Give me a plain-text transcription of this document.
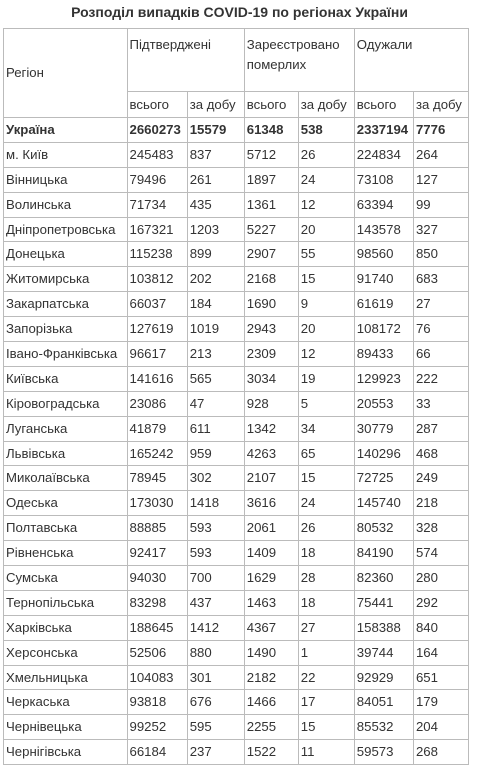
Розподіл випадків COVID-19 по регіонах України
Регіон	Підтверджені		Зареєстровано померлих		Одужали	
	всього	за добу	всього	за добу	всього	за добу
Україна	2660273	15579	61348	538	2337194	7776
м. Київ	245483	837	5712	26	224834	264
Вінницька	79496	261	1897	24	73108	127
Волинська	71734	435	1361	12	63394	99
Дніпропетровська	167321	1203	5227	20	143578	327
Донецька	115238	899	2907	55	98560	850
Житомирська	103812	202	2168	15	91740	683
Закарпатська	66037	184	1690	9	61619	27
Запорізька	127619	1019	2943	20	108172	76
Івано-Франківська	96617	213	2309	12	89433	66
Київська	141616	565	3034	19	129923	222
Кіровоградська	23086	47	928	5	20553	33
Луганська	41879	611	1342	34	30779	287
Львівська	165242	959	4263	65	140296	468
Миколаївська	78945	302	2107	15	72725	249
Одеська	173030	1418	3616	24	145740	218
Полтавська	88885	593	2061	26	80532	328
Рівненська	92417	593	1409	18	84190	574
Сумська	94030	700	1629	28	82360	280
Тернопільська	83298	437	1463	18	75441	292
Харківська	188645	1412	4367	27	158388	840
Херсонська	52506	880	1490	1	39744	164
Хмельницька	104083	301	2182	22	92929	651
Черкаська	93818	676	1466	17	84051	179
Чернівецька	99252	595	2255	15	85532	204
Чернігівська	66184	237	1522	11	59573	268
